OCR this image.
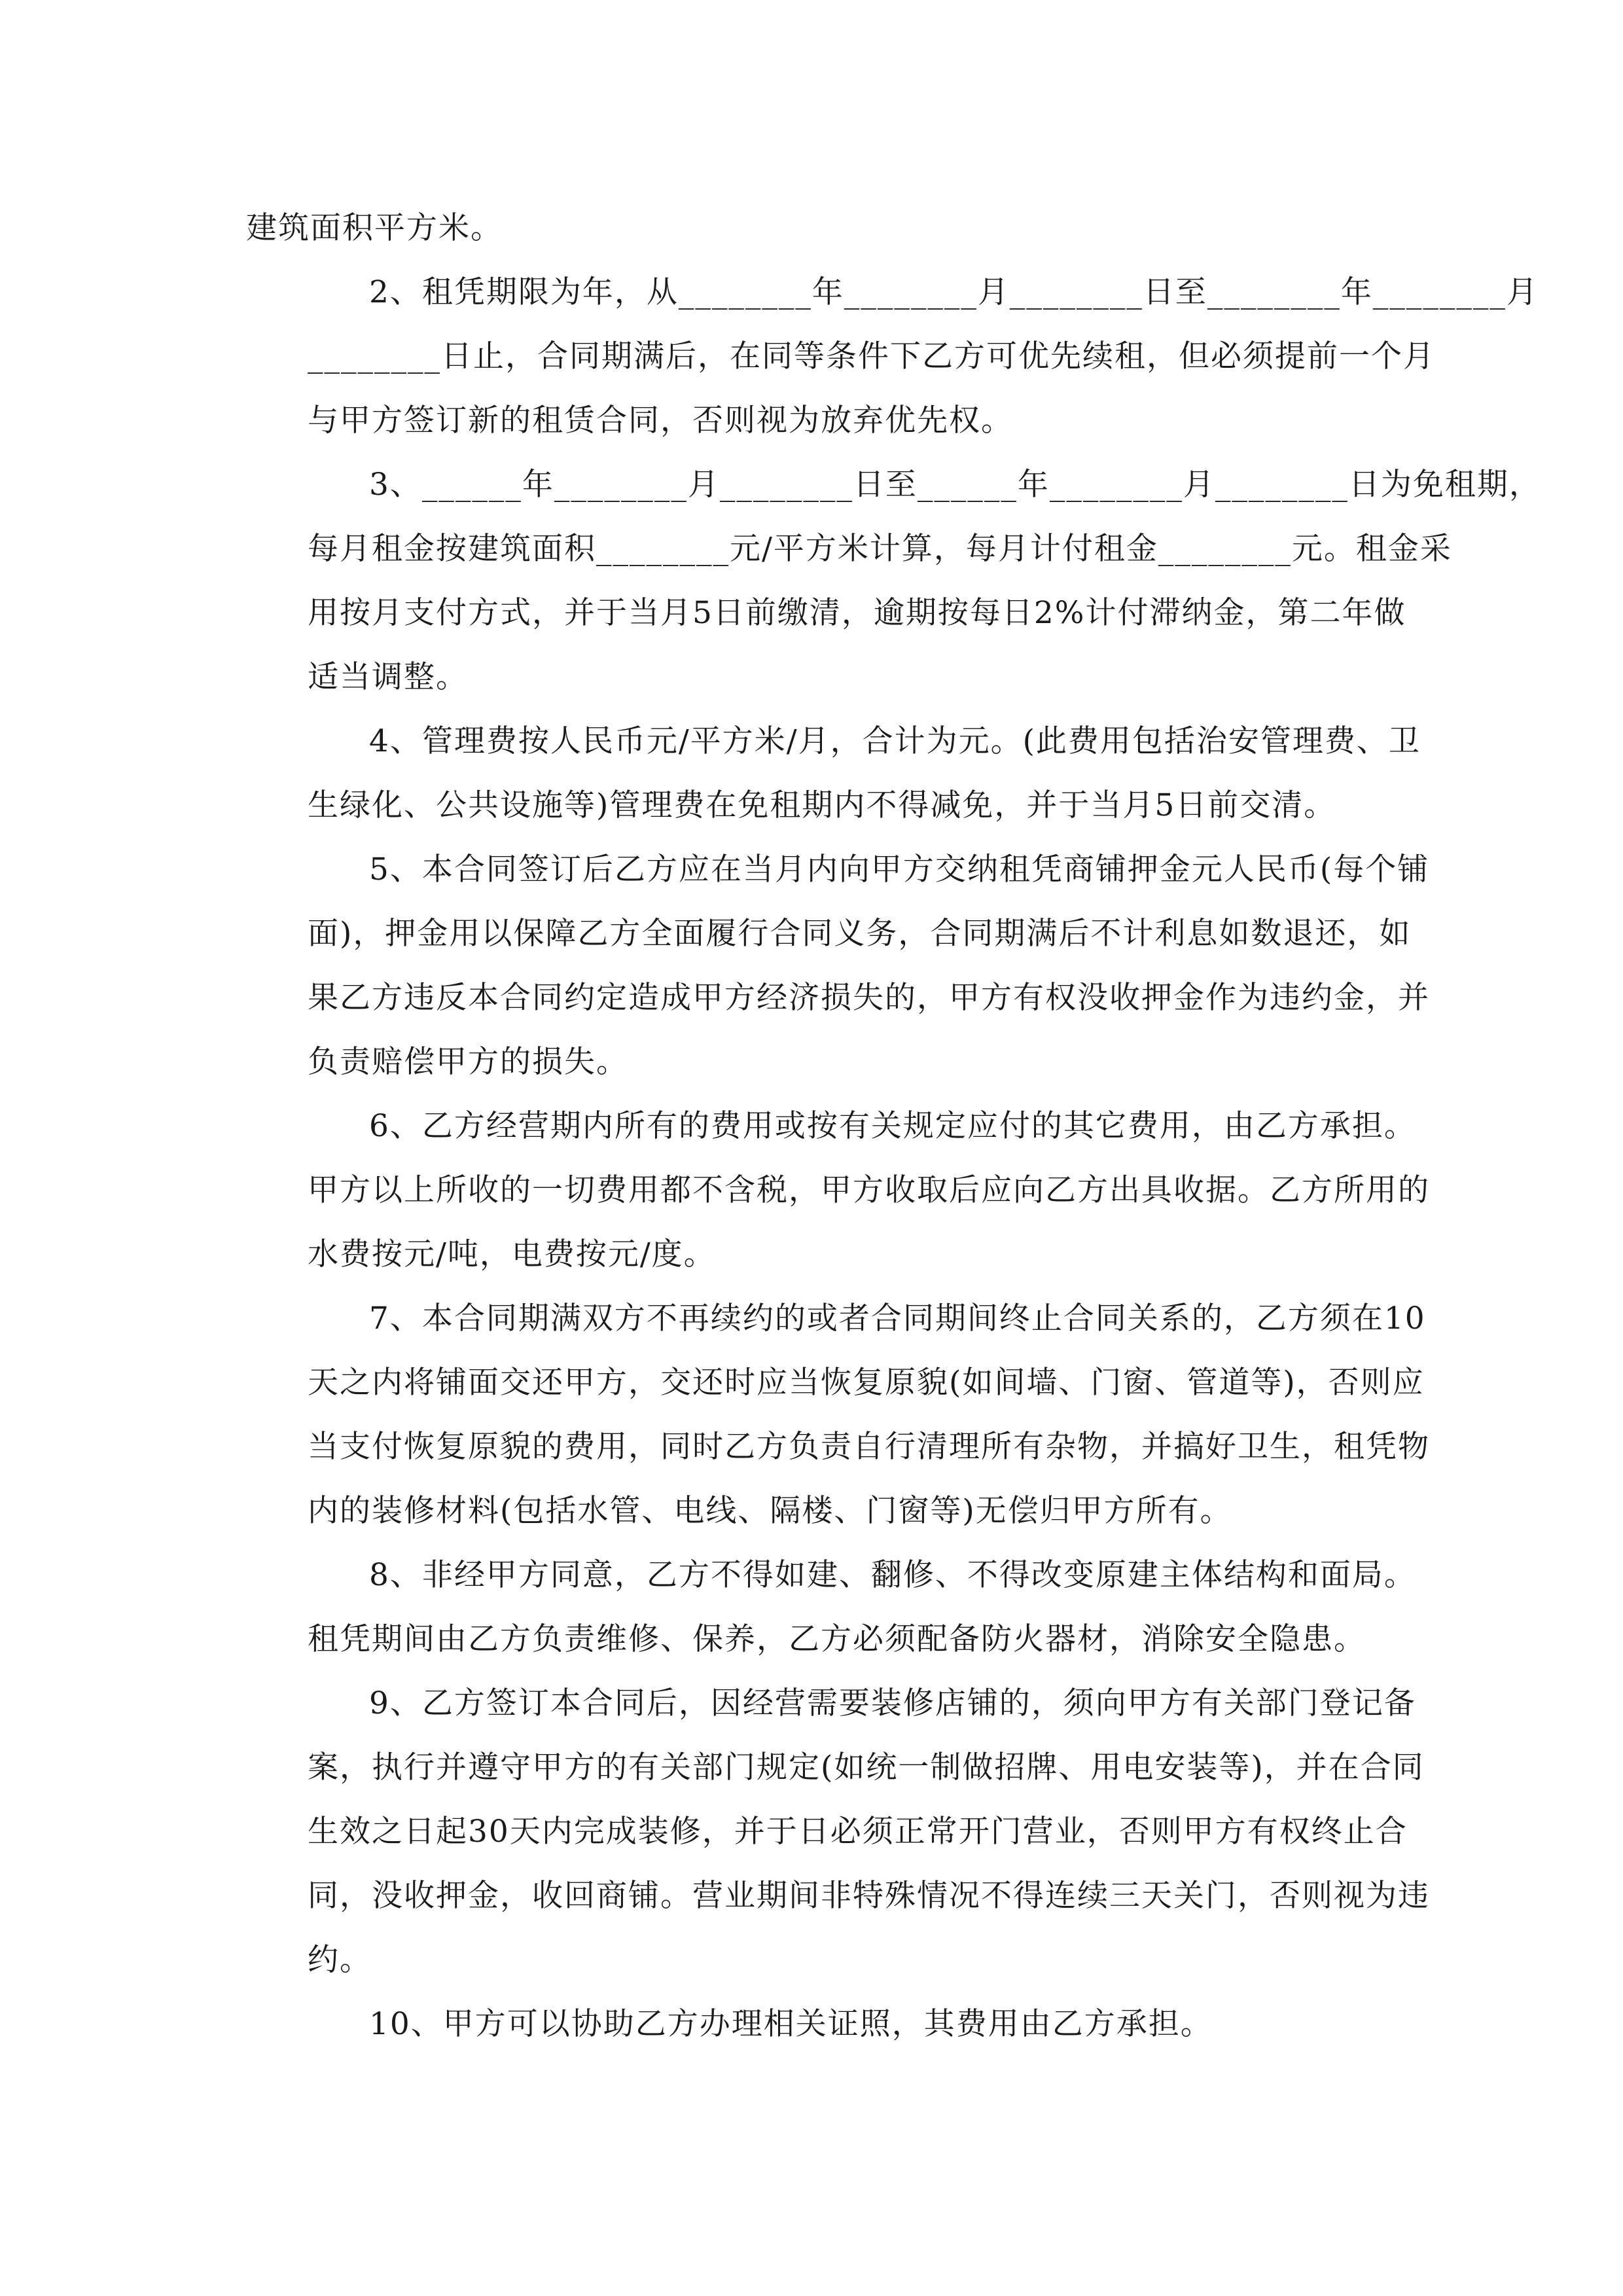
建筑面积平方米。
2、租凭期限为年，从________年________月________日至________年________月
________日止，合同期满后，在同等条件下乙方可优先续租，但必须提前一个月
与甲方签订新的租赁合同，否则视为放弃优先权。
3、______年________月________日至______年________月________日为免租期，
每月租金按建筑面积________元/平方米计算，每月计付租金________元。租金采
用按月支付方式，并于当月5日前缴清，逾期按每日2%计付滞纳金，第二年做
适当调整。
4、管理费按人民币元/平方米/月，合计为元。(此费用包括治安管理费、卫
生绿化、公共设施等)管理费在免租期内不得减免，并于当月5日前交清。
5、本合同签订后乙方应在当月内向甲方交纳租凭商铺押金元人民币(每个铺
面)，押金用以保障乙方全面履行合同义务，合同期满后不计利息如数退还，如
果乙方违反本合同约定造成甲方经济损失的，甲方有权没收押金作为违约金，并
负责赔偿甲方的损失。
6、乙方经营期内所有的费用或按有关规定应付的其它费用，由乙方承担。
甲方以上所收的一切费用都不含税，甲方收取后应向乙方出具收据。乙方所用的
水费按元/吨，电费按元/度。
7、本合同期满双方不再续约的或者合同期间终止合同关系的，乙方须在10
天之内将铺面交还甲方，交还时应当恢复原貌(如间墙、门窗、管道等)，否则应
当支付恢复原貌的费用，同时乙方负责自行清理所有杂物，并搞好卫生，租凭物
内的装修材料(包括水管、电线、隔楼、门窗等)无偿归甲方所有。
8、非经甲方同意，乙方不得如建、翻修、不得改变原建主体结构和面局。
租凭期间由乙方负责维修、保养，乙方必须配备防火器材，消除安全隐患。
9、乙方签订本合同后，因经营需要装修店铺的，须向甲方有关部门登记备
案，执行并遵守甲方的有关部门规定(如统一制做招牌、用电安装等)，并在合同
生效之日起30天内完成装修，并于日必须正常开门营业，否则甲方有权终止合
同，没收押金，收回商铺。营业期间非特殊情况不得连续三天关门，否则视为违
约。
10、甲方可以协助乙方办理相关证照，其费用由乙方承担。
